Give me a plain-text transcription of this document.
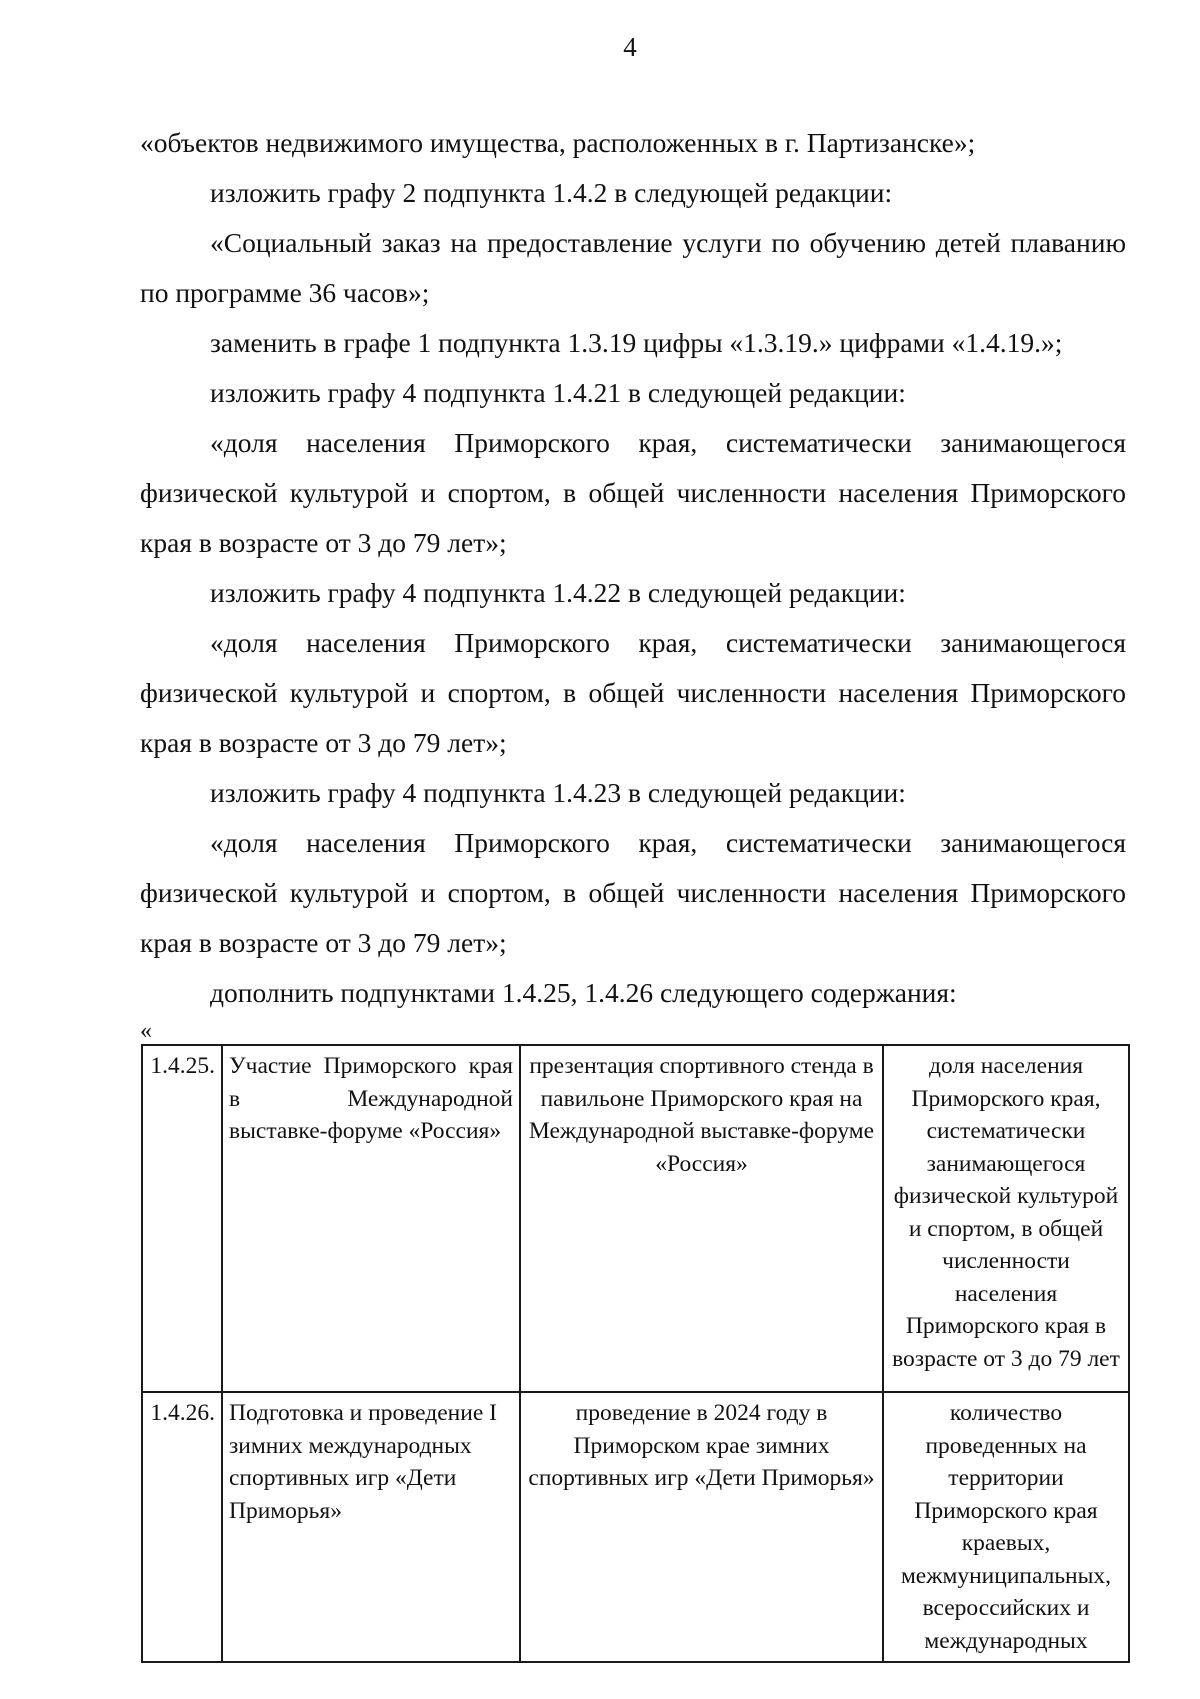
4

«объектов недвижимого имущества, расположенных в г. Партизанске»;

изложить графу 2 подпункта 1.4.2 в следующей редакции:

«Социальный заказ на предоставление услуги по обучению детей плаванию по программе 36 часов»;

заменить в графе 1 подпункта 1.3.19 цифры «1.3.19.» цифрами «1.4.19.»;

изложить графу 4 подпункта 1.4.21 в следующей редакции:

«доля населения Приморского края, систематически занимающегося физической культурой и спортом, в общей численности населения Приморского края в возрасте от 3 до 79 лет»;

изложить графу 4 подпункта 1.4.22 в следующей редакции:

«доля населения Приморского края, систематически занимающегося физической культурой и спортом, в общей численности населения Приморского края в возрасте от 3 до 79 лет»;

изложить графу 4 подпункта 1.4.23 в следующей редакции:

«доля населения Приморского края, систематически занимающегося физической культурой и спортом, в общей численности населения Приморского края в возрасте от 3 до 79 лет»;

дополнить подпунктами 1.4.25, 1.4.26 следующего содержания:

«
1.4.25.	Участие Приморского края в Международной выставке-форуме «Россия»	презентация спортивного стенда в павильоне Приморского края на Международной выставке-форуме «Россия»	доля населения Приморского края, систематически занимающегося физической культурой и спортом, в общей численности населения Приморского края в возрасте от 3 до 79 лет
1.4.26.	Подготовка и проведение I зимних международных спортивных игр «Дети Приморья»	проведение в 2024 году в Приморском крае зимних спортивных игр «Дети Приморья»	количество проведенных на территории Приморского края краевых, межмуниципальных, всероссийских и международных
